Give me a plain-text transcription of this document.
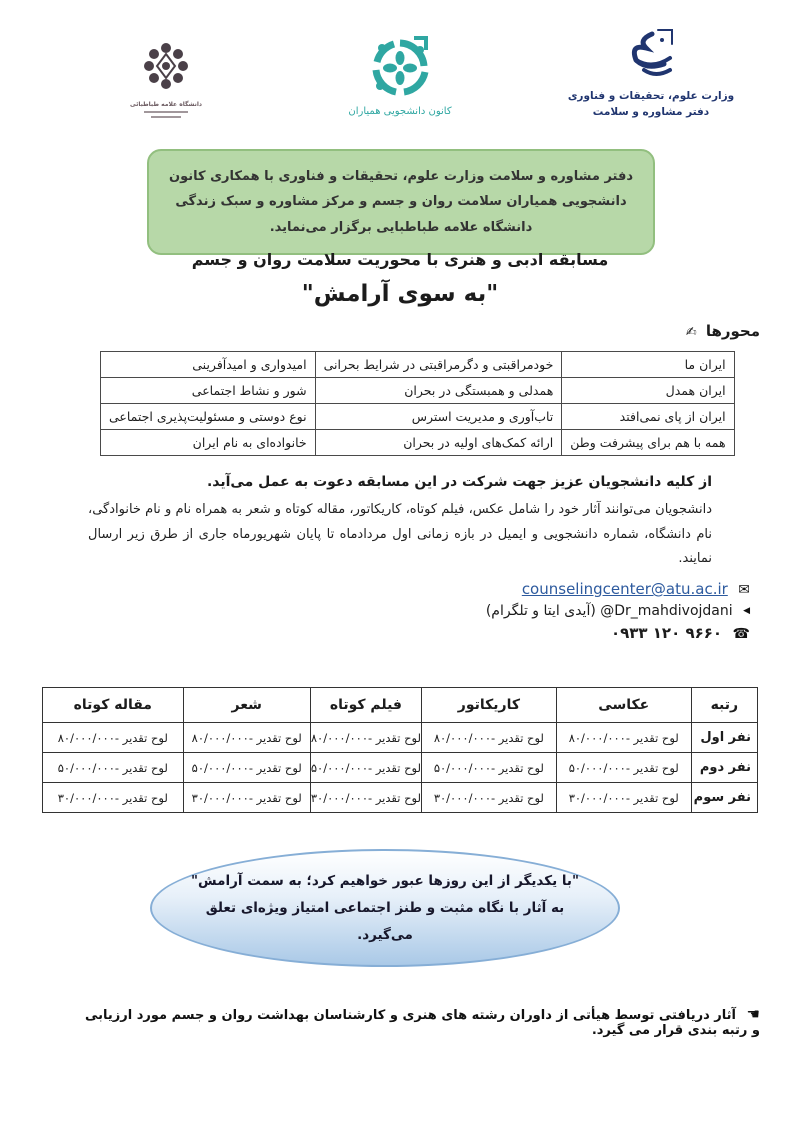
دانشگاه علامه طباطبائی
کانون دانشجویی همیاران
وزارت علوم، تحقیقات و فناوری
دفتر مشاوره و سلامت
دفتر مشاوره و سلامت وزارت علوم، تحقیقات و فناوری با همکاری کانون دانشجویی همیاران سلامت روان و جسم و مرکز مشاوره و سبک زندگی دانشگاه علامه طباطبایی برگزار می‌نماید.
مسابقه ادبی و هنری با محوریت سلامت روان و جسم
"به سوی آرامش"
محورها ✍
ایران ما	خودمراقبتی و دگرمراقبتی در شرایط بحرانی	امیدواری و امیدآفرینی
ایران همدل	همدلی و همبستگی در بحران	شور و نشاط اجتماعی
ایران از پای نمی‌افتد	تاب‌آوری و مدیریت استرس	نوع دوستی و مسئولیت‌پذیری اجتماعی
همه با هم برای پیشرفت وطن	ارائه کمک‌های اولیه در بحران	خانواده‌ای به نام ایران
از کلیه دانشجویان عزیز جهت شرکت در این مسابقه دعوت به عمل می‌آید.
دانشجویان می‌توانند آثار خود را شامل عکس، فیلم کوتاه، کاریکاتور، مقاله کوتاه و شعر به همراه نام و نام خانوادگی، نام دانشگاه، شماره دانشجویی و ایمیل در بازه زمانی اول مردادماه تا پایان شهریورماه جاری از طرق زیر ارسال نمایند.
✉ counselingcenter@atu.ac.ir
◀ @Dr_mahdivojdani (آیدی ایتا و تلگرام)
☎ ۰۹۳۳ ۱۲۰ ۹۶۶۰
رتبه	عکاسی	کاریکاتور	فیلم کوتاه	شعر	مقاله کوتاه
نفر اول	لوح تقدیر -۸۰/۰۰۰/۰۰۰	لوح تقدیر -۸۰/۰۰۰/۰۰۰	لوح تقدیر -۸۰/۰۰۰/۰۰۰	لوح تقدیر -۸۰/۰۰۰/۰۰۰	لوح تقدیر -۸۰/۰۰۰/۰۰۰
نفر دوم	لوح تقدیر -۵۰/۰۰۰/۰۰۰	لوح تقدیر -۵۰/۰۰۰/۰۰۰	لوح تقدیر -۵۰/۰۰۰/۰۰۰	لوح تقدیر -۵۰/۰۰۰/۰۰۰	لوح تقدیر -۵۰/۰۰۰/۰۰۰
نفر سوم	لوح تقدیر -۳۰/۰۰۰/۰۰۰	لوح تقدیر -۳۰/۰۰۰/۰۰۰	لوح تقدیر -۳۰/۰۰۰/۰۰۰	لوح تقدیر -۳۰/۰۰۰/۰۰۰	لوح تقدیر -۳۰/۰۰۰/۰۰۰
"با یکدیگر از این روزها عبور خواهیم کرد؛ به سمت آرامش"
به آثار با نگاه مثبت و طنز اجتماعی امتیاز ویژه‌ای تعلق
می‌گیرد.
☚ آثار دریافتی توسط هیأتی از داوران رشته های هنری و کارشناسان بهداشت روان و جسم مورد ارزیابی و رتبه بندی قرار می گیرد.
